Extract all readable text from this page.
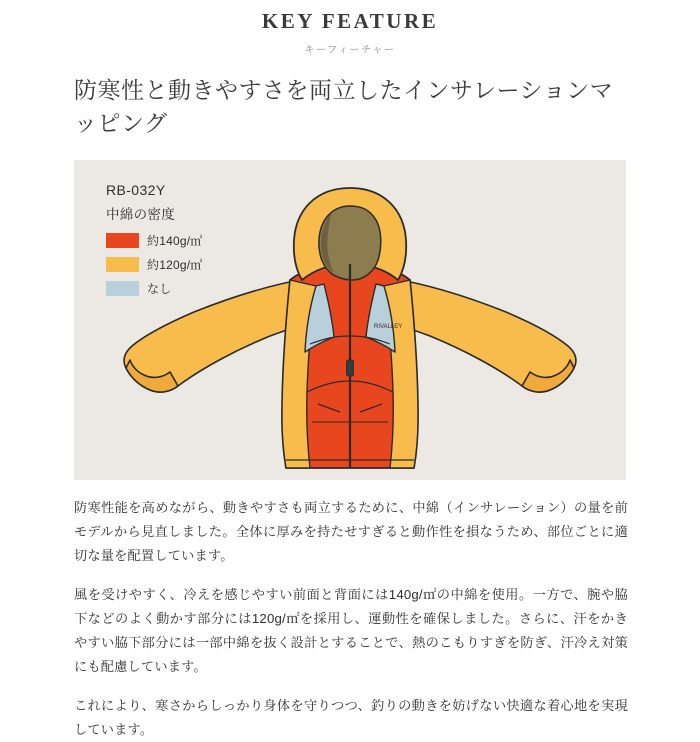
KEY FEATURE
キーフィーチャー
防寒性と動きやすさを両立したインサレーションマッピング
RIVALLEY
RB-032Y
中綿の密度
約140g/㎡
約120g/㎡
なし

防寒性能を高めながら、動きやすさも両立するために、中綿（インサレーション）の量を前モデルから見直しました。全体に厚みを持たせすぎると動作性を損なうため、部位ごとに適切な量を配置しています。

風を受けやすく、冷えを感じやすい前面と背面には140g/㎡の中綿を使用。一方で、腕や脇下などのよく動かす部分には120g/㎡を採用し、運動性を確保しました。さらに、汗をかきやすい脇下部分には一部中綿を抜く設計とすることで、熱のこもりすぎを防ぎ、汗冷え対策にも配慮しています。

これにより、寒さからしっかり身体を守りつつ、釣りの動きを妨げない快適な着心地を実現しています。
